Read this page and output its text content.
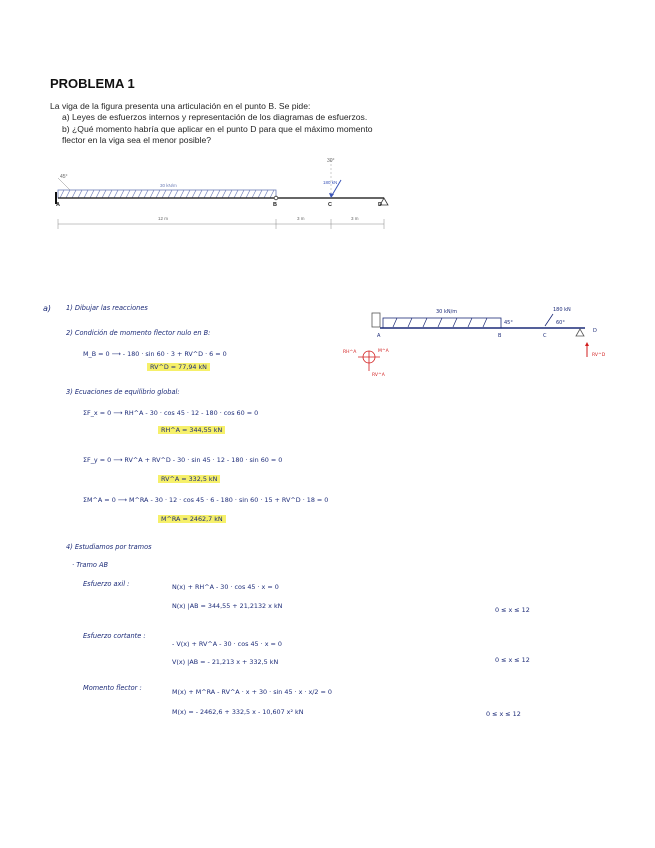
PROBLEMA 1
La viga de la figura presenta una articulación en el punto B. Se pide:
a) Leyes de esfuerzos internos y representación de los diagramas de esfuerzos.
b) ¿Qué momento habría que aplicar en el punto D para que el máximo momento
flector en la viga sea el menor posible?
45°
30°
30 kN/m
180 kN
A	B	C	D
12 m	3 m	3 m
30 kN/m	180 kN
45°	60°
A	B	C
D
RV^D
RH^A	M^A
RV^A
a) 1) Dibujar las reacciones
2) Condición de momento flector nulo en B:
M_B = 0 ⟶ - 180 · sin 60 · 3 + RV^D · 6 = 0
RV^D = 77,94 kN
3) Ecuaciones de equilibrio global:
ΣF_x = 0 ⟶ RH^A - 30 · cos 45 · 12 - 180 · cos 60 = 0
RH^A = 344,55 kN
ΣF_y = 0 ⟶ RV^A + RV^D - 30 · sin 45 · 12 - 180 · sin 60 = 0
RV^A = 332,5 kN
ΣM^A = 0 ⟶ M^RA - 30 · 12 · cos 45 · 6 - 180 · sin 60 · 15 + RV^D · 18 = 0
M^RA = 2462,7 kN
4) Estudiamos por tramos
· Tramo AB
Esfuerzo axil :	N(x) + RH^A - 30 · cos 45 · x = 0
N(x) |AB = 344,55 + 21,2132 x kN	0 ≤ x ≤ 12
Esfuerzo cortante :
- V(x) + RV^A - 30 · cos 45 · x = 0
V(x) |AB = - 21,213 x + 332,5 kN	0 ≤ x ≤ 12
Momento flector :	M(x) + M^RA - RV^A · x + 30 · sin 45 · x · x/2 = 0
M(x) = - 2462,6 + 332,5 x - 10,607 x² kN	0 ≤ x ≤ 12
